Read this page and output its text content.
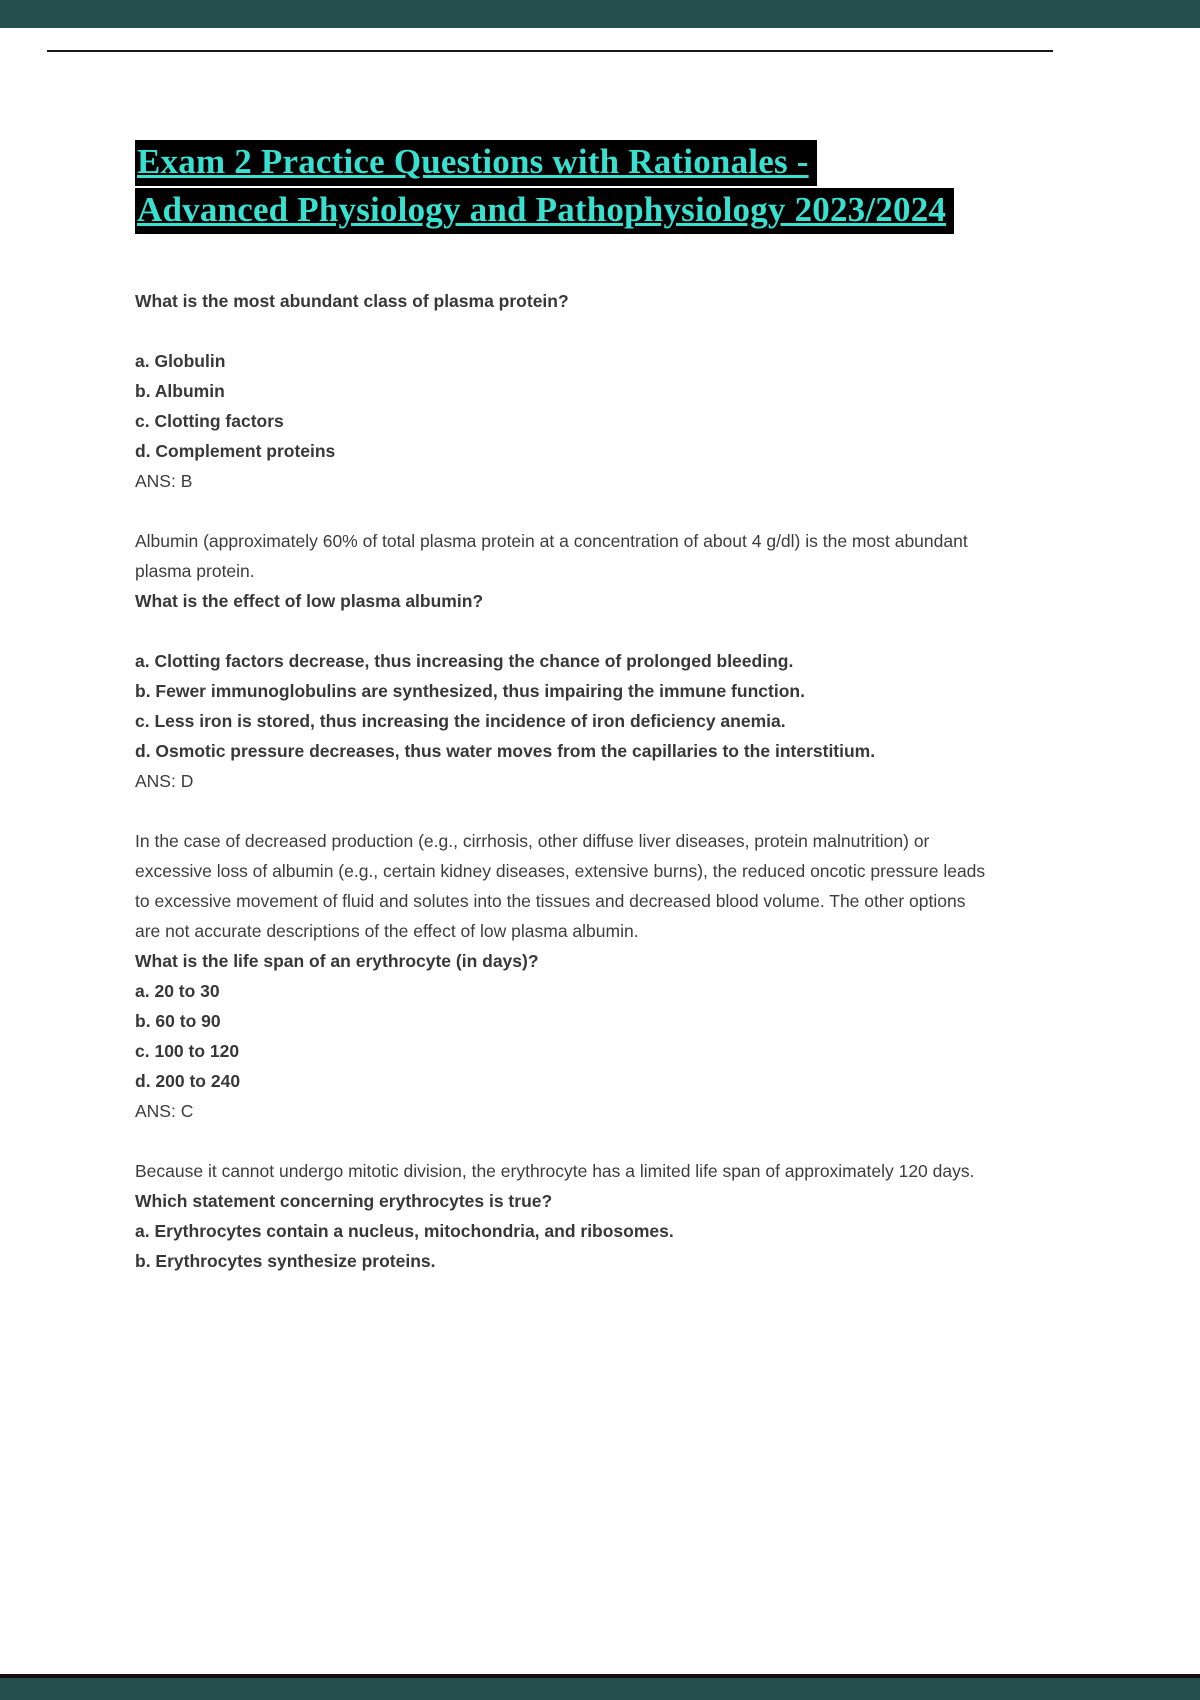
Exam 2 Practice Questions with Rationales -
Advanced Physiology and Pathophysiology 2023/2024

What is the most abundant class of plasma protein?

a. Globulin

b. Albumin

c. Clotting factors

d. Complement proteins

ANS: B

Albumin (approximately 60% of total plasma protein at a concentration of about 4 g/dl) is the most abundant plasma protein.

What is the effect of low plasma albumin?

a. Clotting factors decrease, thus increasing the chance of prolonged bleeding.

b. Fewer immunoglobulins are synthesized, thus impairing the immune function.

c. Less iron is stored, thus increasing the incidence of iron deficiency anemia.

d. Osmotic pressure decreases, thus water moves from the capillaries to the interstitium.

ANS: D

In the case of decreased production (e.g., cirrhosis, other diffuse liver diseases, protein malnutrition) or excessive loss of albumin (e.g., certain kidney diseases, extensive burns), the reduced oncotic pressure leads to excessive movement of fluid and solutes into the tissues and decreased blood volume. The other options are not accurate descriptions of the effect of low plasma albumin.

What is the life span of an erythrocyte (in days)?

a. 20 to 30

b. 60 to 90

c. 100 to 120

d. 200 to 240

ANS: C

Because it cannot undergo mitotic division, the erythrocyte has a limited life span of approximately 120 days.

Which statement concerning erythrocytes is true?

a. Erythrocytes contain a nucleus, mitochondria, and ribosomes.

b. Erythrocytes synthesize proteins.
